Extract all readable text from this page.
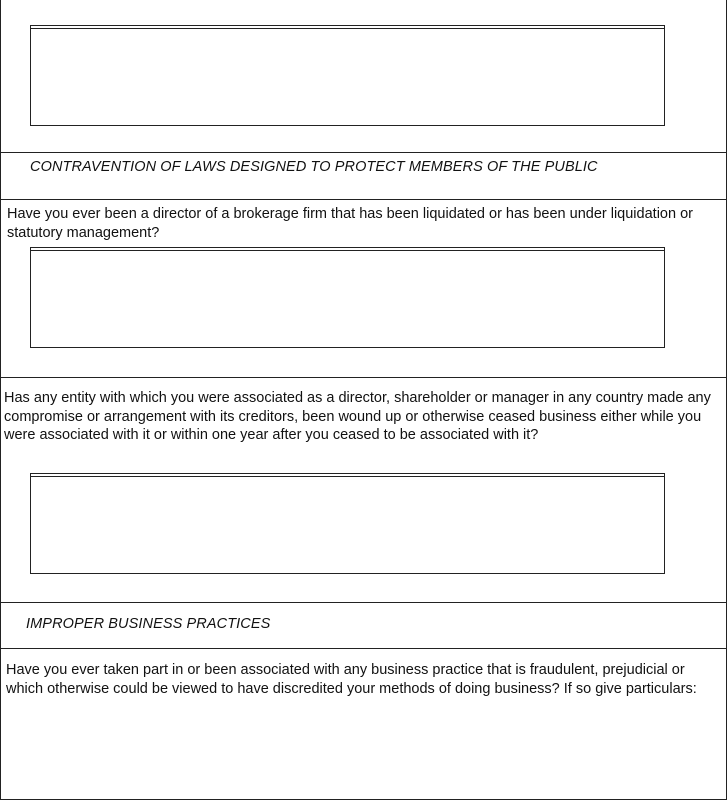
CONTRAVENTION OF LAWS DESIGNED TO PROTECT MEMBERS OF THE PUBLIC
Have you ever been a director of a brokerage firm that has been liquidated or has been under liquidation or statutory management?
Has any entity with which you were associated as a director, shareholder or manager in any country made any compromise or arrangement with its creditors, been wound up or otherwise ceased business either while you were associated with it or within one year after you ceased to be associated with it?
IMPROPER BUSINESS PRACTICES
Have you ever taken part in or been associated with any business practice that is fraudulent, prejudicial or which otherwise could be viewed to have discredited your methods of doing business? If so give particulars:
